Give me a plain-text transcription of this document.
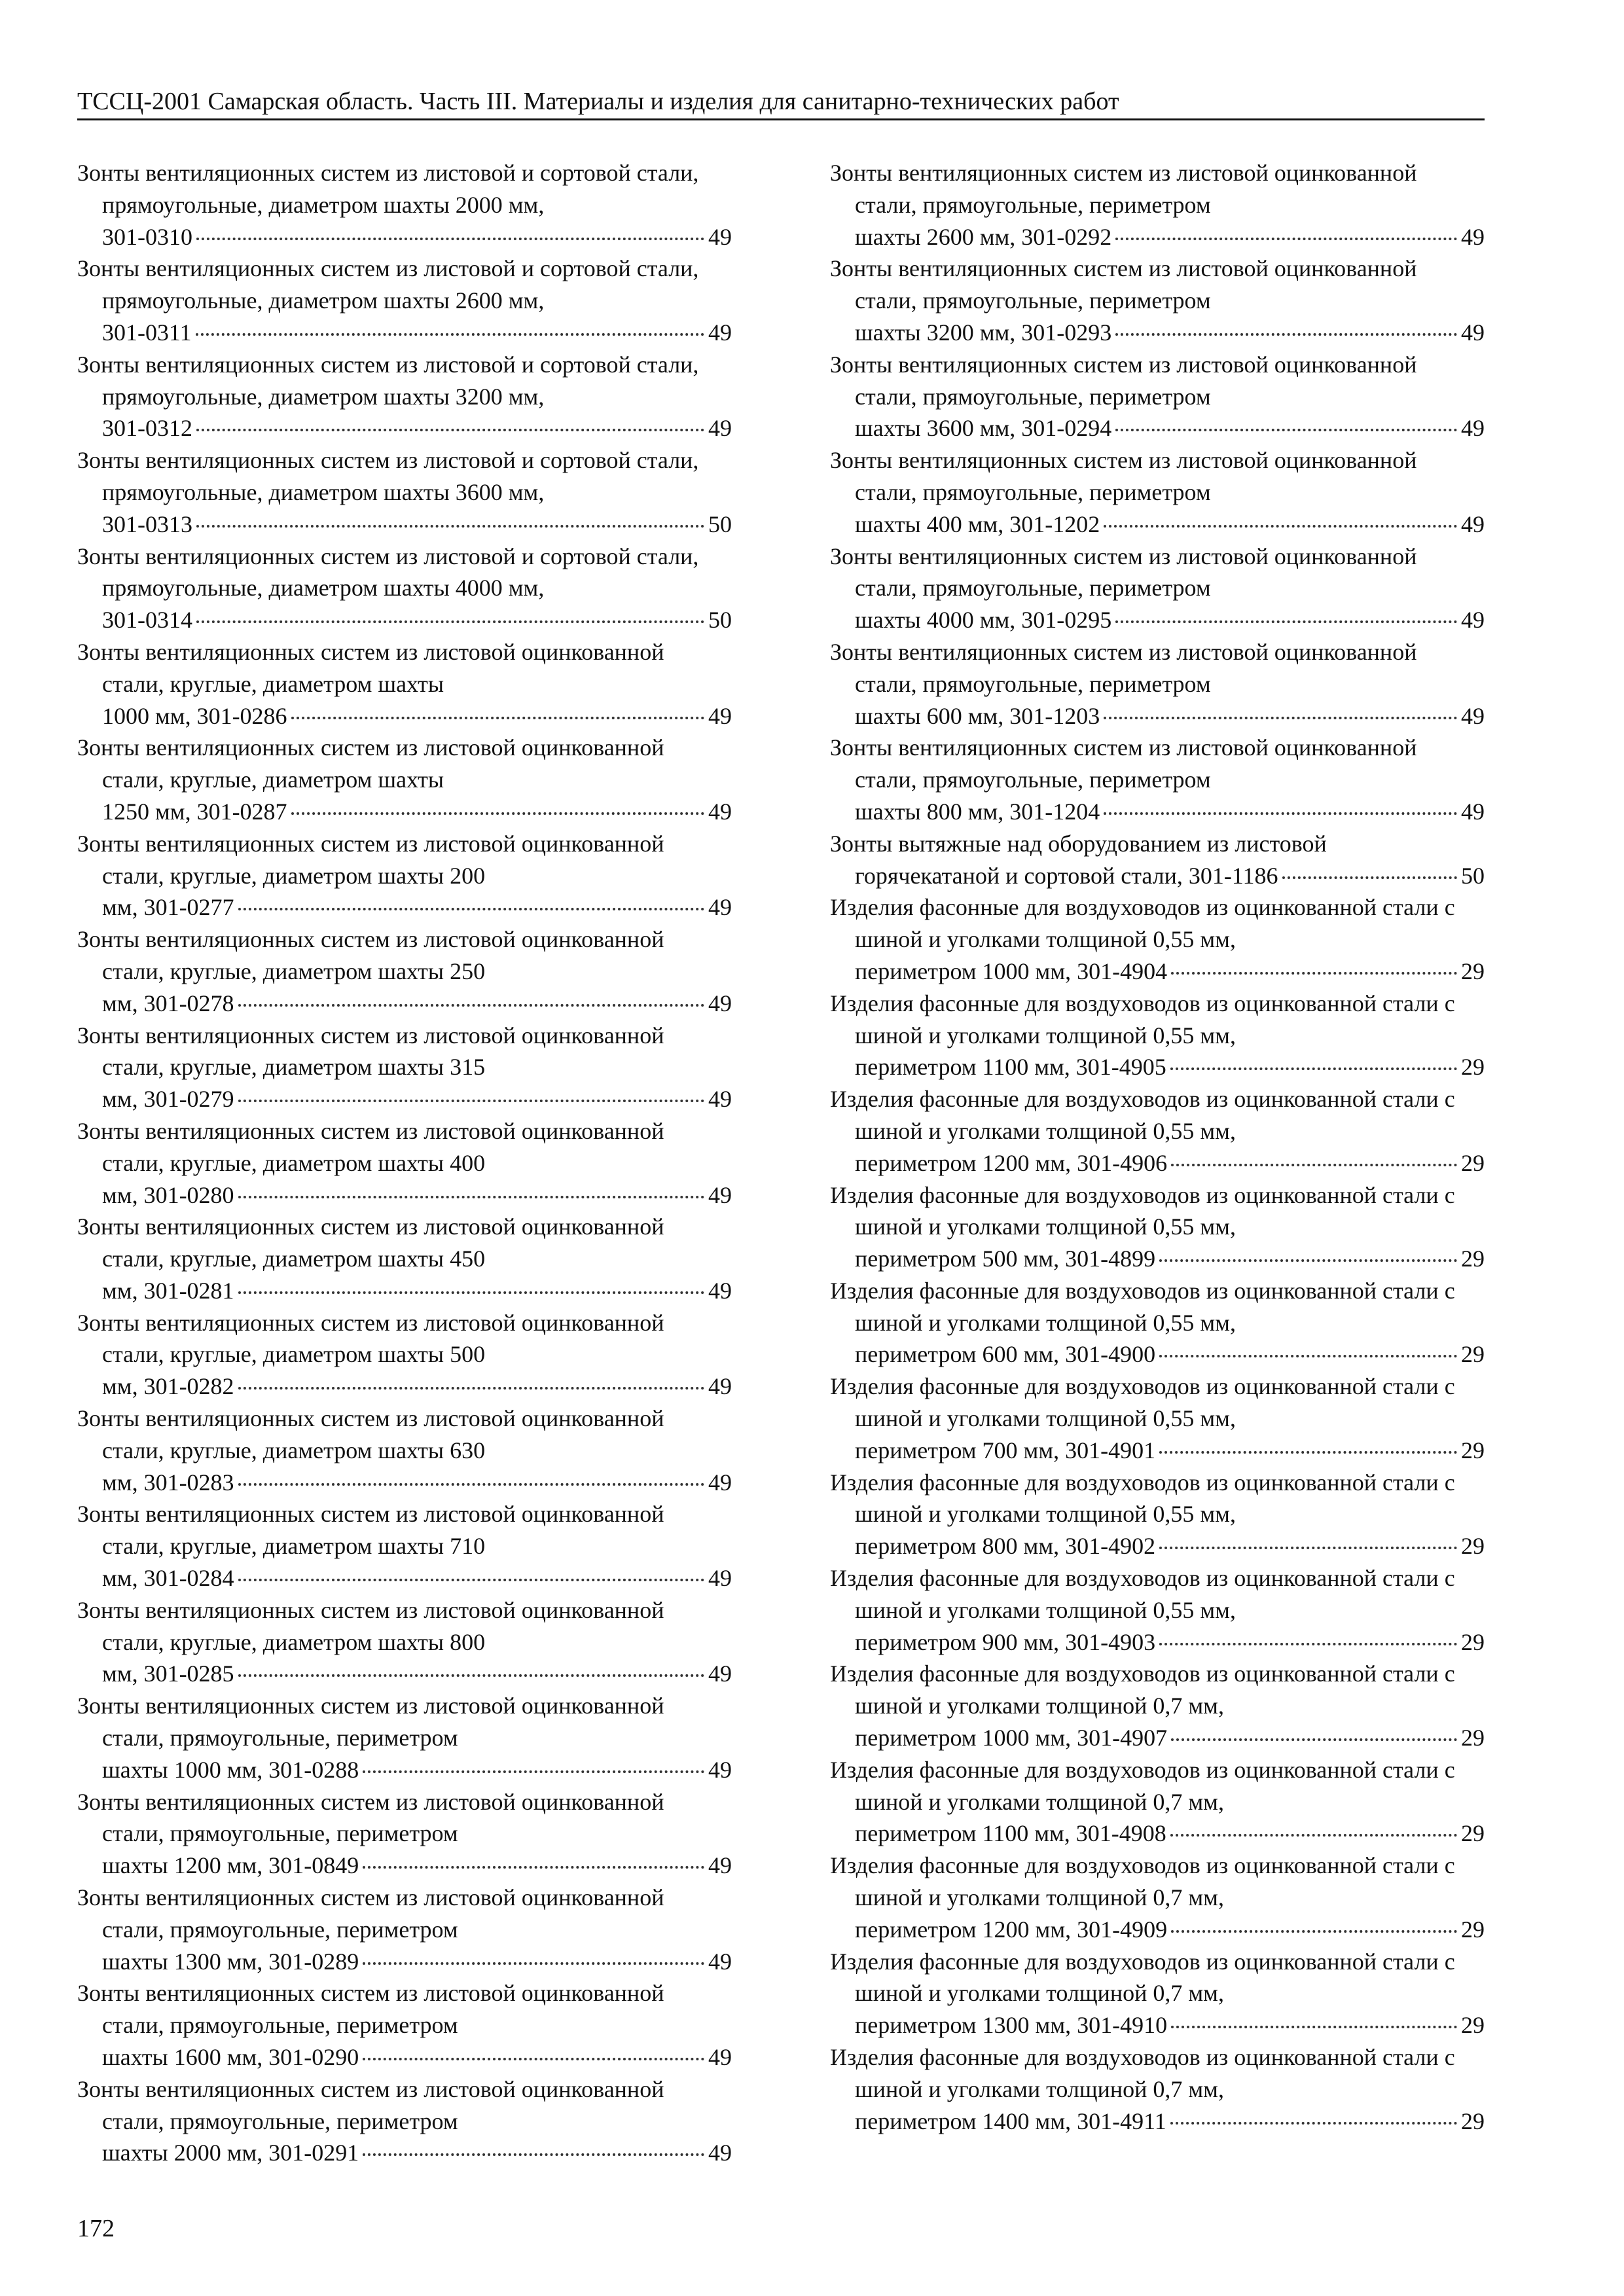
ТССЦ-2001 Самарская область. Часть III. Материалы и изделия для санитарно-технических работ
Зонты вентиляционных систем из листовой и сортовой стали, прямоугольные, диаметром шахты 2000 мм,
301-0310	49
Зонты вентиляционных систем из листовой и сортовой стали, прямоугольные, диаметром шахты 2600 мм,
301-0311	49
Зонты вентиляционных систем из листовой и сортовой стали, прямоугольные, диаметром шахты 3200 мм,
301-0312	49
Зонты вентиляционных систем из листовой и сортовой стали, прямоугольные, диаметром шахты 3600 мм,
301-0313	50
Зонты вентиляционных систем из листовой и сортовой стали, прямоугольные, диаметром шахты 4000 мм,
301-0314	50
Зонты вентиляционных систем из листовой оцинкованной стали, круглые, диаметром шахты
1000 мм, 301-0286	49
Зонты вентиляционных систем из листовой оцинкованной стали, круглые, диаметром шахты
1250 мм, 301-0287	49
Зонты вентиляционных систем из листовой оцинкованной стали, круглые, диаметром шахты 200
мм, 301-0277	49
Зонты вентиляционных систем из листовой оцинкованной стали, круглые, диаметром шахты 250
мм, 301-0278	49
Зонты вентиляционных систем из листовой оцинкованной стали, круглые, диаметром шахты 315
мм, 301-0279	49
Зонты вентиляционных систем из листовой оцинкованной стали, круглые, диаметром шахты 400
мм, 301-0280	49
Зонты вентиляционных систем из листовой оцинкованной стали, круглые, диаметром шахты 450
мм, 301-0281	49
Зонты вентиляционных систем из листовой оцинкованной стали, круглые, диаметром шахты 500
мм, 301-0282	49
Зонты вентиляционных систем из листовой оцинкованной стали, круглые, диаметром шахты 630
мм, 301-0283	49
Зонты вентиляционных систем из листовой оцинкованной стали, круглые, диаметром шахты 710
мм, 301-0284	49
Зонты вентиляционных систем из листовой оцинкованной стали, круглые, диаметром шахты 800
мм, 301-0285	49
Зонты вентиляционных систем из листовой оцинкованной стали, прямоугольные, периметром
шахты 1000 мм, 301-0288	49
Зонты вентиляционных систем из листовой оцинкованной стали, прямоугольные, периметром
шахты 1200 мм, 301-0849	49
Зонты вентиляционных систем из листовой оцинкованной стали, прямоугольные, периметром
шахты 1300 мм, 301-0289	49
Зонты вентиляционных систем из листовой оцинкованной стали, прямоугольные, периметром
шахты 1600 мм, 301-0290	49
Зонты вентиляционных систем из листовой оцинкованной стали, прямоугольные, периметром
шахты 2000 мм, 301-0291	49
Зонты вентиляционных систем из листовой оцинкованной стали, прямоугольные, периметром
шахты 2600 мм, 301-0292	49
Зонты вентиляционных систем из листовой оцинкованной стали, прямоугольные, периметром
шахты 3200 мм, 301-0293	49
Зонты вентиляционных систем из листовой оцинкованной стали, прямоугольные, периметром
шахты 3600 мм, 301-0294	49
Зонты вентиляционных систем из листовой оцинкованной стали, прямоугольные, периметром
шахты 400 мм, 301-1202	49
Зонты вентиляционных систем из листовой оцинкованной стали, прямоугольные, периметром
шахты 4000 мм, 301-0295	49
Зонты вентиляционных систем из листовой оцинкованной стали, прямоугольные, периметром
шахты 600 мм, 301-1203	49
Зонты вентиляционных систем из листовой оцинкованной стали, прямоугольные, периметром
шахты 800 мм, 301-1204	49
Зонты вытяжные над оборудованием из листовой
горячекатаной и сортовой стали, 301-1186	50
Изделия фасонные для воздуховодов из оцинкованной стали с шиной и уголками толщиной 0,55 мм,
периметром 1000 мм, 301-4904	29
Изделия фасонные для воздуховодов из оцинкованной стали с шиной и уголками толщиной 0,55 мм,
периметром 1100 мм, 301-4905	29
Изделия фасонные для воздуховодов из оцинкованной стали с шиной и уголками толщиной 0,55 мм,
периметром 1200 мм, 301-4906	29
Изделия фасонные для воздуховодов из оцинкованной стали с шиной и уголками толщиной 0,55 мм,
периметром 500 мм, 301-4899	29
Изделия фасонные для воздуховодов из оцинкованной стали с шиной и уголками толщиной 0,55 мм,
периметром 600 мм, 301-4900	29
Изделия фасонные для воздуховодов из оцинкованной стали с шиной и уголками толщиной 0,55 мм,
периметром 700 мм, 301-4901	29
Изделия фасонные для воздуховодов из оцинкованной стали с шиной и уголками толщиной 0,55 мм,
периметром 800 мм, 301-4902	29
Изделия фасонные для воздуховодов из оцинкованной стали с шиной и уголками толщиной 0,55 мм,
периметром 900 мм, 301-4903	29
Изделия фасонные для воздуховодов из оцинкованной стали с шиной и уголками толщиной 0,7 мм,
периметром 1000 мм, 301-4907	29
Изделия фасонные для воздуховодов из оцинкованной стали с шиной и уголками толщиной 0,7 мм,
периметром 1100 мм, 301-4908	29
Изделия фасонные для воздуховодов из оцинкованной стали с шиной и уголками толщиной 0,7 мм,
периметром 1200 мм, 301-4909	29
Изделия фасонные для воздуховодов из оцинкованной стали с шиной и уголками толщиной 0,7 мм,
периметром 1300 мм, 301-4910	29
Изделия фасонные для воздуховодов из оцинкованной стали с шиной и уголками толщиной 0,7 мм,
периметром 1400 мм, 301-4911	29
172
